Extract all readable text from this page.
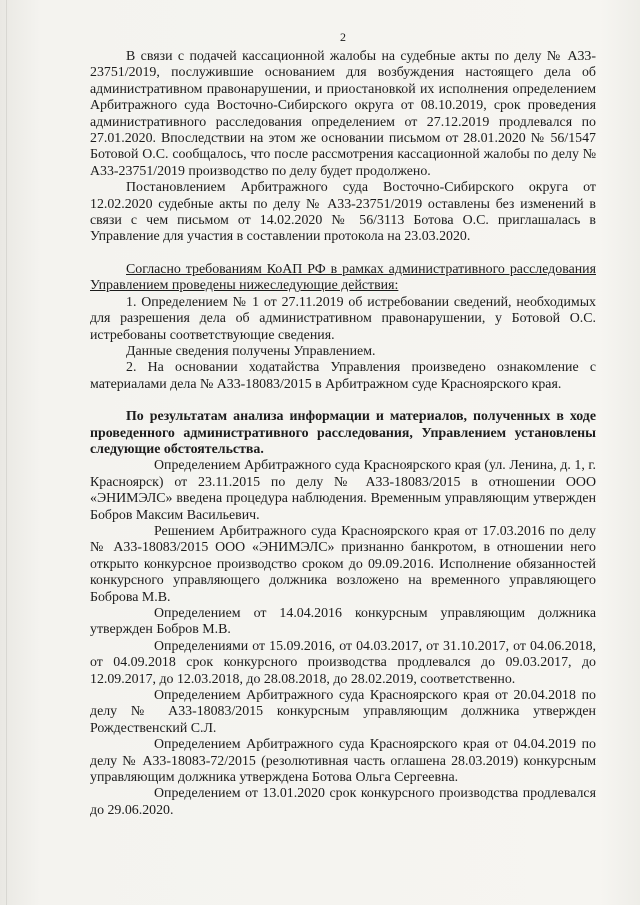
2

В связи с подачей кассационной жалобы на судебные акты по делу № А33-23751/2019, послужившие основанием для возбуждения настоящего дела об административном правонарушении, и приостановкой их исполнения определением Арбитражного суда Восточно-Сибирского округа от 08.10.2019, срок проведения административного расследования определением от 27.12.2019 продлевался по 27.01.2020. Впоследствии на этом же основании письмом от 28.01.2020 № 56/1547 Ботовой О.С. сообщалось, что после рассмотрения кассационной жалобы по делу № А33-23751/2019 производство по делу будет продолжено.

Постановлением Арбитражного суда Восточно-Сибирского округа от 12.02.2020 судебные акты по делу № А33-23751/2019 оставлены без изменений в связи с чем письмом от 14.02.2020 № 56/3113 Ботова О.С. приглашалась в Управление для участия в составлении протокола на 23.03.2020.

Согласно требованиям КоАП РФ в рамках административного расследования Управлением проведены нижеследующие действия:

1. Определением № 1 от 27.11.2019 об истребовании сведений, необходимых для разрешения дела об административном правонарушении, у Ботовой О.С. истребованы соответствующие сведения.

Данные сведения получены Управлением.

2. На основании ходатайства Управления произведено ознакомление с материалами дела № А33-18083/2015 в Арбитражном суде Красноярского края.

По результатам анализа информации и материалов, полученных в ходе проведенного административного расследования, Управлением установлены следующие обстоятельства.

Определением Арбитражного суда Красноярского края (ул. Ленина, д. 1, г. Красноярск) от 23.11.2015 по делу № А33-18083/2015 в отношении ООО «ЭНИМЭЛС» введена процедура наблюдения. Временным управляющим утвержден Бобров Максим Васильевич.

Решением Арбитражного суда Красноярского края от 17.03.2016 по делу № А33-18083/2015 ООО «ЭНИМЭЛС» признанно банкротом, в отношении него открыто конкурсное производство сроком до 09.09.2016. Исполнение обязанностей конкурсного управляющего должника возложено на временного управляющего Боброва М.В.

Определением от 14.04.2016 конкурсным управляющим должника утвержден Бобров М.В.

Определениями от 15.09.2016, от 04.03.2017, от 31.10.2017, от 04.06.2018, от 04.09.2018 срок конкурсного производства продлевался до 09.03.2017, до 12.09.2017, до 12.03.2018, до 28.08.2018, до 28.02.2019, соответственно.

Определением Арбитражного суда Красноярского края от 20.04.2018 по делу № А33-18083/2015 конкурсным управляющим должника утвержден Рождественский С.Л.

Определением Арбитражного суда Красноярского края от 04.04.2019 по делу № А33-18083-72/2015 (резолютивная часть оглашена 28.03.2019) конкурсным управляющим должника утверждена Ботова Ольга Сергеевна.

Определением от 13.01.2020 срок конкурсного производства продлевался до 29.06.2020.
